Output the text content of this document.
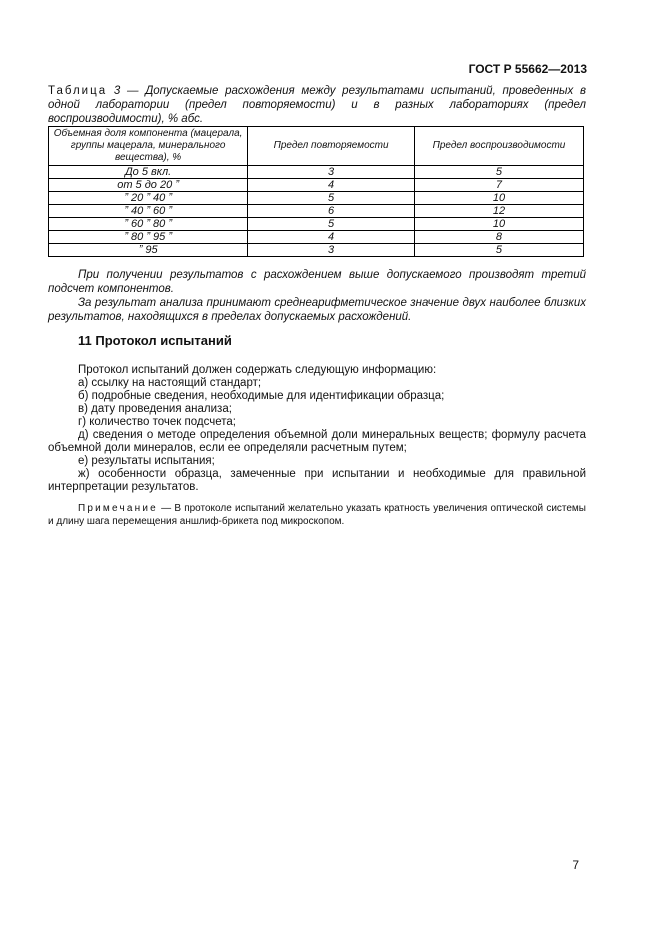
ГОСТ Р 55662—2013
Таблица 3 — Допускаемые расхождения между результатами испытаний, проведенных в одной лаборатории (предел повторяемости) и в разных лабораториях (предел воспроизводимости), % абс.
Объемная доля компонента (мацерала, группы мацерала, минерального вещества), %	Предел повторяемости	Предел воспроизводимости
До 5 вкл.	3	5
от 5 до 20 ˮ	4	7
ˮ 20 ˮ 40 ˮ	5	10
ˮ 40 ˮ 60 ˮ	6	12
ˮ 60 ˮ 80 ˮ	5	10
ˮ 80 ˮ 95 ˮ	4	8
ˮ 95	3	5
При получении результатов с расхождением выше допускаемого производят третий подсчет компонентов.
За результат анализа принимают среднеарифметическое значение двух наиболее близких результатов, находящихся в пределах допускаемых расхождений.
11 Протокол испытаний
Протокол испытаний должен содержать следующую информацию:
а) ссылку на настоящий стандарт;
б) подробные сведения, необходимые для идентификации образца;
в) дату проведения анализа;
г) количество точек подсчета;
д) сведения о методе определения объемной доли минеральных веществ; формулу расчета объемной доли минералов, если ее определяли расчетным путем;
е) результаты испытания;
ж) особенности образца, замеченные при испытании и необходимые для правильной интерпретации результатов.
Примечание — В протоколе испытаний желательно указать кратность увеличения оптической системы и длину шага перемещения аншлиф-брикета под микроскопом.
7
